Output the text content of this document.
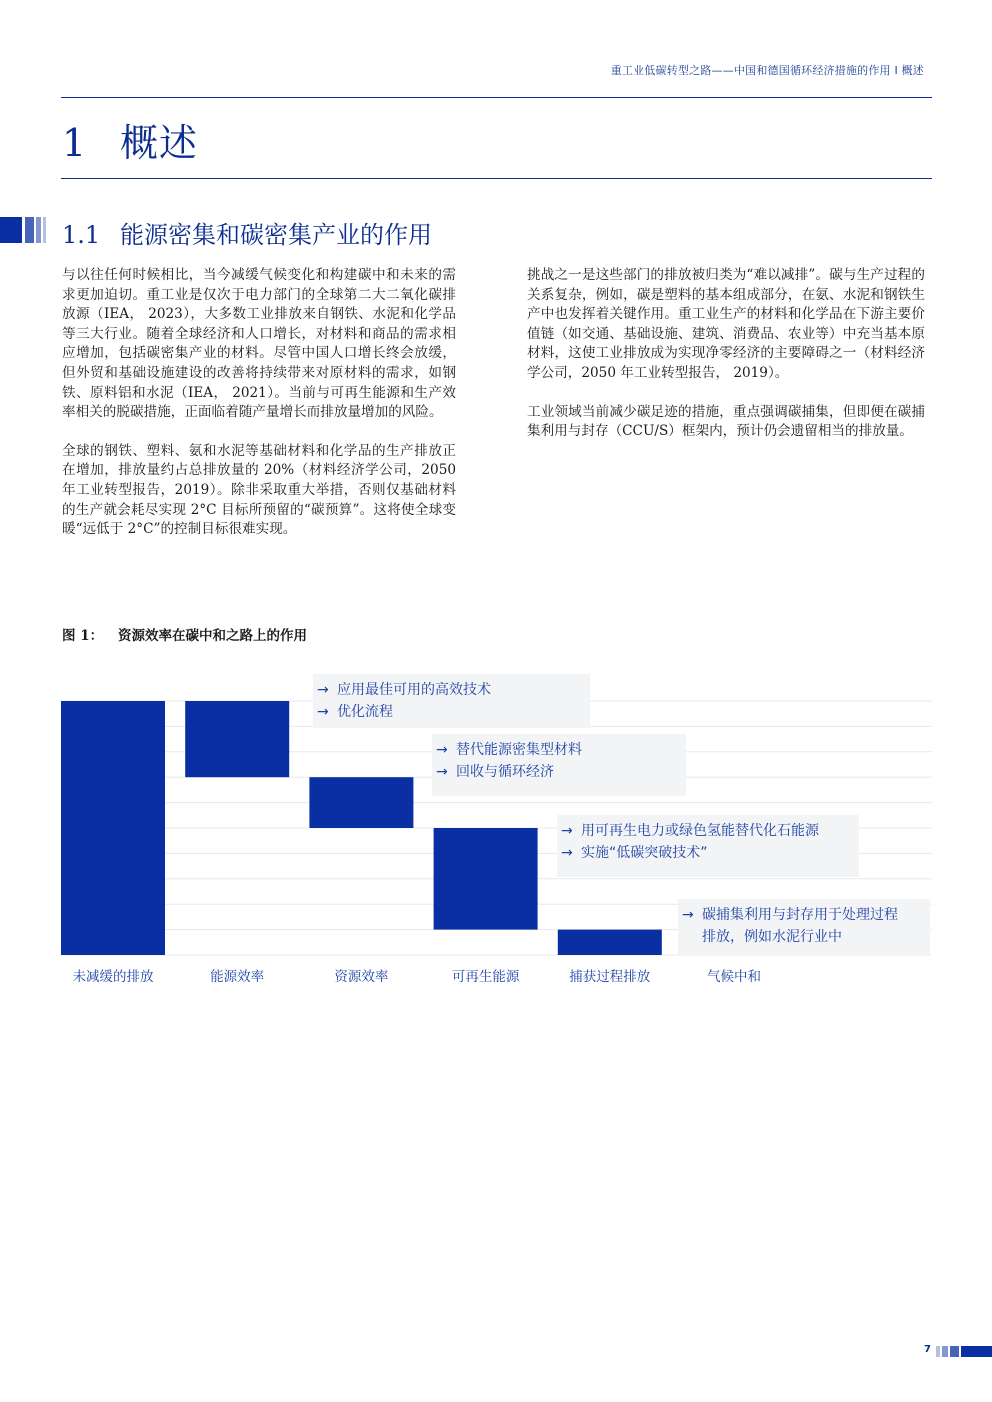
重工业低碳转型之路——中国和德国循环经济措施的作用 I 概述
1 概述
1.1 能源密集和碳密集产业的作用

与以往任何时候相比，当今减缓气候变化和构建碳中和未来的需求更加迫切。重工业是仅次于电力部门的全球第二大二氧化碳排放源（IEA， 2023），大多数工业排放来自钢铁、水泥和化学品等三大行业。随着全球经济和人口增长，对材料和商品的需求相应增加，包括碳密集产业的材料。尽管中国人口增长终会放缓，但外贸和基础设施建设的改善将持续带来对原材料的需求，如钢铁、原料铝和水泥（IEA， 2021）。当前与可再生能源和生产效率相关的脱碳措施，正面临着随产量增长而排放量增加的风险。

全球的钢铁、塑料、氨和水泥等基础材料和化学品的生产排放正在增加，排放量约占总排放量的 20%（材料经济学公司，2050 年工业转型报告，2019）。除非采取重大举措，否则仅基础材料的生产就会耗尽实现 2°C 目标所预留的“碳预算”。这将使全球变暖“远低于 2°C”的控制目标很难实现。

挑战之一是这些部门的排放被归类为“难以减排”。碳与生产过程的关系复杂，例如，碳是塑料的基本组成部分，在氨、水泥和钢铁生产中也发挥着关键作用。重工业生产的材料和化学品在下游主要价值链（如交通、基础设施、建筑、消费品、农业等）中充当基本原材料，这使工业排放成为实现净零经济的主要障碍之一（材料经济学公司，2050 年工业转型报告， 2019）。

工业领域当前减少碳足迹的措施，重点强调碳捕集，但即便在碳捕集利用与封存（CCU/S）框架内，预计仍会遗留相当的排放量。

图 1： 资源效率在碳中和之路上的作用
未减缓的排放	能源效率	资源效率	可再生能源	捕获过程排放	气候中和
→ 应用最佳可用的高效技术
→ 优化流程
→ 替代能源密集型材料
→ 回收与循环经济
→ 用可再生电力或绿色氢能替代化石能源
→ 实施“低碳突破技术”
→ 碳捕集利用与封存用于处理过程
排放，例如水泥行业中
7
